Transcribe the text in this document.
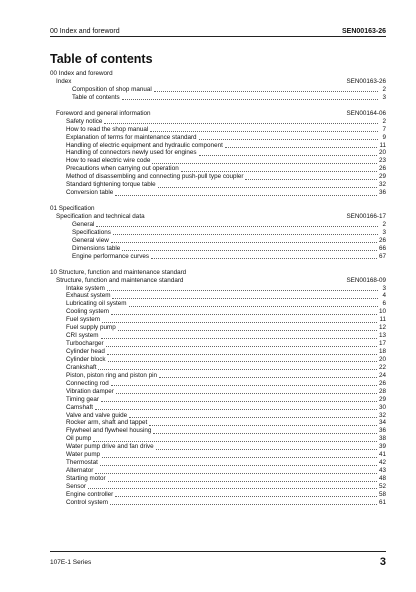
00 Index and foreword	SEN00163-26
Table of contents
00 Index and foreword
Index	SEN00163-26
Composition of shop manual	2
Table of contents	3
Foreword and general information	SEN00164-06
Safety notice	2
How to read the shop manual	7
Explanation of terms for maintenance standard	9
Handling of electric equipment and hydraulic component	11
Handling of connectors newly used for engines	20
How to read electric wire code	23
Precautions when carrying out operation	26
Method of disassembling and connecting push-pull type coupler	29
Standard tightening torque table	32
Conversion table	36
01 Specification
Specification and technical data	SEN00166-17
General	2
Specifications	3
General view	26
Dimensions table	66
Engine performance curves	67
10 Structure, function and maintenance standard
Structure, function and maintenance standard	SEN00168-09
Intake system	3
Exhaust system	4
Lubricating oil system	6
Cooling system	10
Fuel system	11
Fuel supply pump	12
CRI system	13
Turbocharger	17
Cylinder head	18
Cylinder block	20
Crankshaft	22
Piston, piston ring and piston pin	24
Connecting rod	26
Vibration damper	28
Timing gear	29
Camshaft	30
Valve and valve guide	32
Rocker arm, shaft and tappet	34
Flywheel and flywheel housing	36
Oil pump	38
Water pump drive and fan drive	39
Water pump	41
Thermostat	42
Alternator	43
Starting motor	48
Sensor	52
Engine controller	58
Control system	61
107E-1 Series	3
